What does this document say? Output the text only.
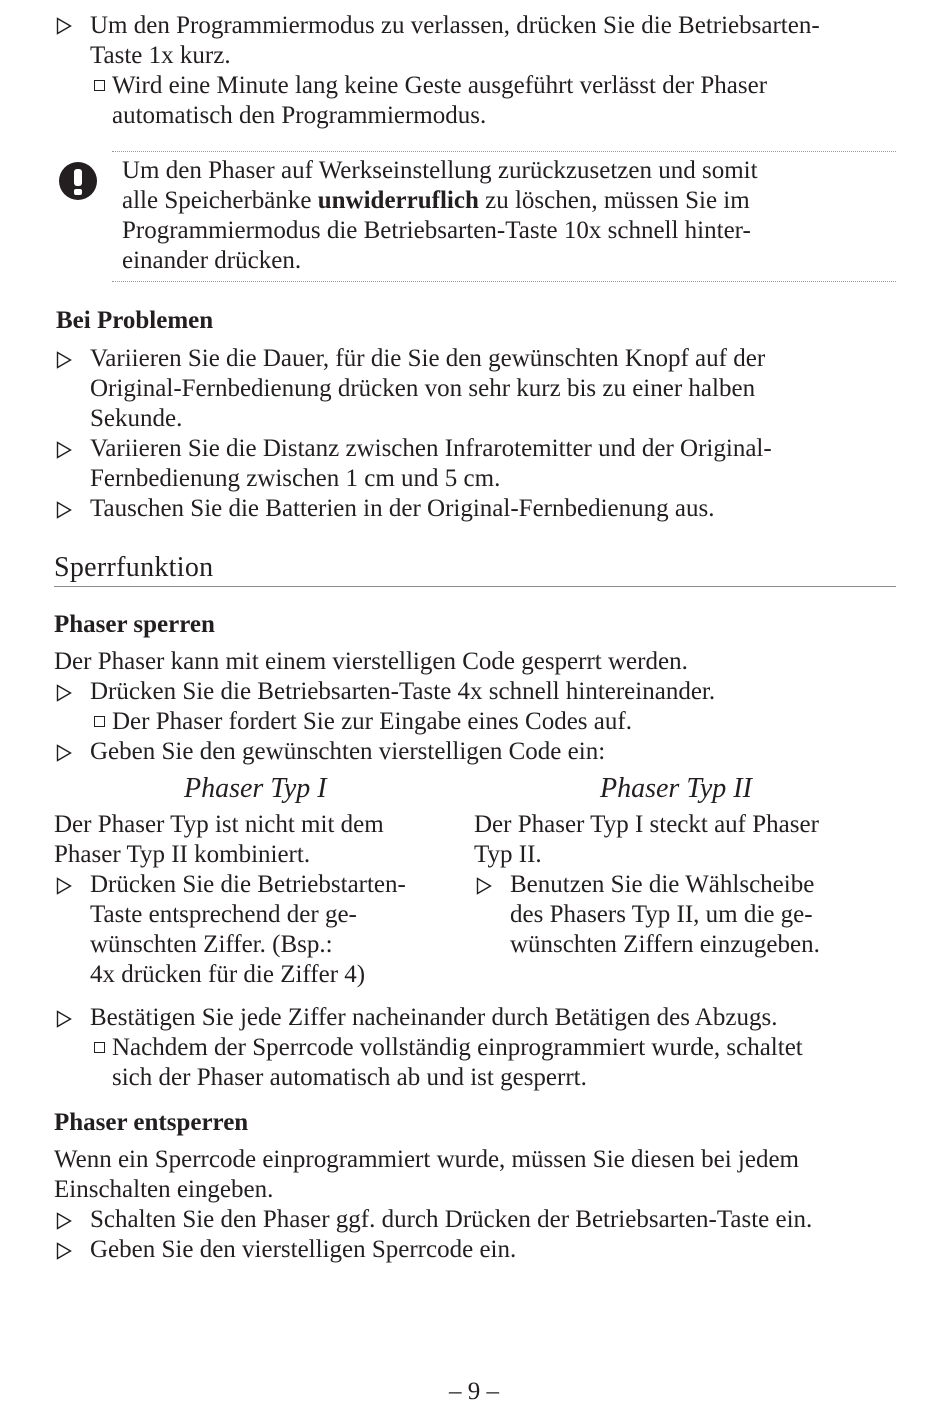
Um den Programmiermodus zu verlassen, drücken Sie die Betriebsarten-
Taste 1x kurz.
Wird eine Minute lang keine Geste ausgeführt verlässt der Phaser
automatisch den Programmiermodus.
Um den Phaser auf Werkseinstellung zurückzusetzen und somit
alle Speicherbänke unwiderruflich zu löschen, müssen Sie im
Programmiermodus die Betriebsarten-Taste 10x schnell hinter-
einander drücken.
Bei Problemen
Variieren Sie die Dauer, für die Sie den gewünschten Knopf auf der
Original-Fernbedienung drücken von sehr kurz bis zu einer halben
Sekunde.
Variieren Sie die Distanz zwischen Infrarotemitter und der Original-
Fernbedienung zwischen 1 cm und 5 cm.
Tauschen Sie die Batterien in der Original-Fernbedienung aus.
Sperrfunktion
Phaser sperren
Der Phaser kann mit einem vierstelligen Code gesperrt werden.
Drücken Sie die Betriebsarten-Taste 4x schnell hintereinander.
Der Phaser fordert Sie zur Eingabe eines Codes auf.
Geben Sie den gewünschten vierstelligen Code ein:
Phaser Typ I	Phaser Typ II
Der Phaser Typ ist nicht mit dem
Phaser Typ II kombiniert.
Drücken Sie die Betriebstarten-
Taste entsprechend der ge-
wünschten Ziffer. (Bsp.:
4x drücken für die Ziffer 4)
Der Phaser Typ I steckt auf Phaser
Typ II.
Benutzen Sie die Wählscheibe
des Phasers Typ II, um die ge-
wünschten Ziffern einzugeben.
Bestätigen Sie jede Ziffer nacheinander durch Betätigen des Abzugs.
Nachdem der Sperrcode vollständig einprogrammiert wurde, schaltet
sich der Phaser automatisch ab und ist gesperrt.
Phaser entsperren
Wenn ein Sperrcode einprogrammiert wurde, müssen Sie diesen bei jedem
Einschalten eingeben.
Schalten Sie den Phaser ggf. durch Drücken der Betriebsarten-Taste ein.
Geben Sie den vierstelligen Sperrcode ein.
– 9 –
